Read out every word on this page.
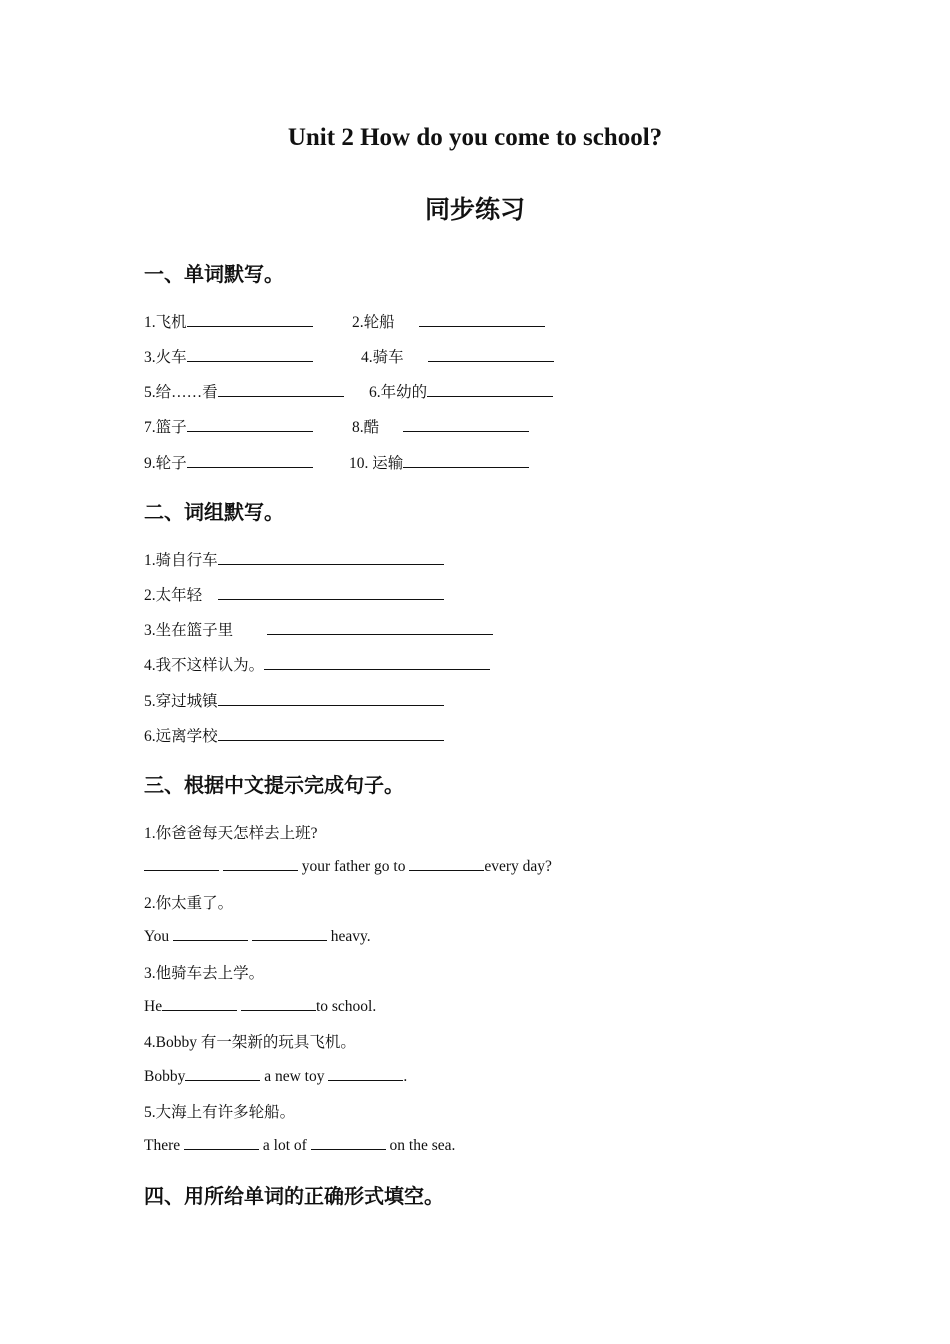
Unit 2 How do you come to school?
同步练习
一、单词默写。
1.飞机	2.轮船
3.火车	4.骑车
5.给……看	6.年幼的
7.篮子	8.酷
9.轮子	10. 运输
二、词组默写。
1.骑自行车
2.太年轻
3.坐在篮子里
4.我不这样认为。
5.穿过城镇
6.远离学校
三、根据中文提示完成句子。
1.你爸爸每天怎样去上班?
your father go to	every day?
2.你太重了。
You	heavy.
3.他骑车去上学。
He	to school.
4.Bobby 有一架新的玩具飞机。
Bobby	a new toy	.
5.大海上有许多轮船。
There	a lot of	on the sea.
四、用所给单词的正确形式填空。
